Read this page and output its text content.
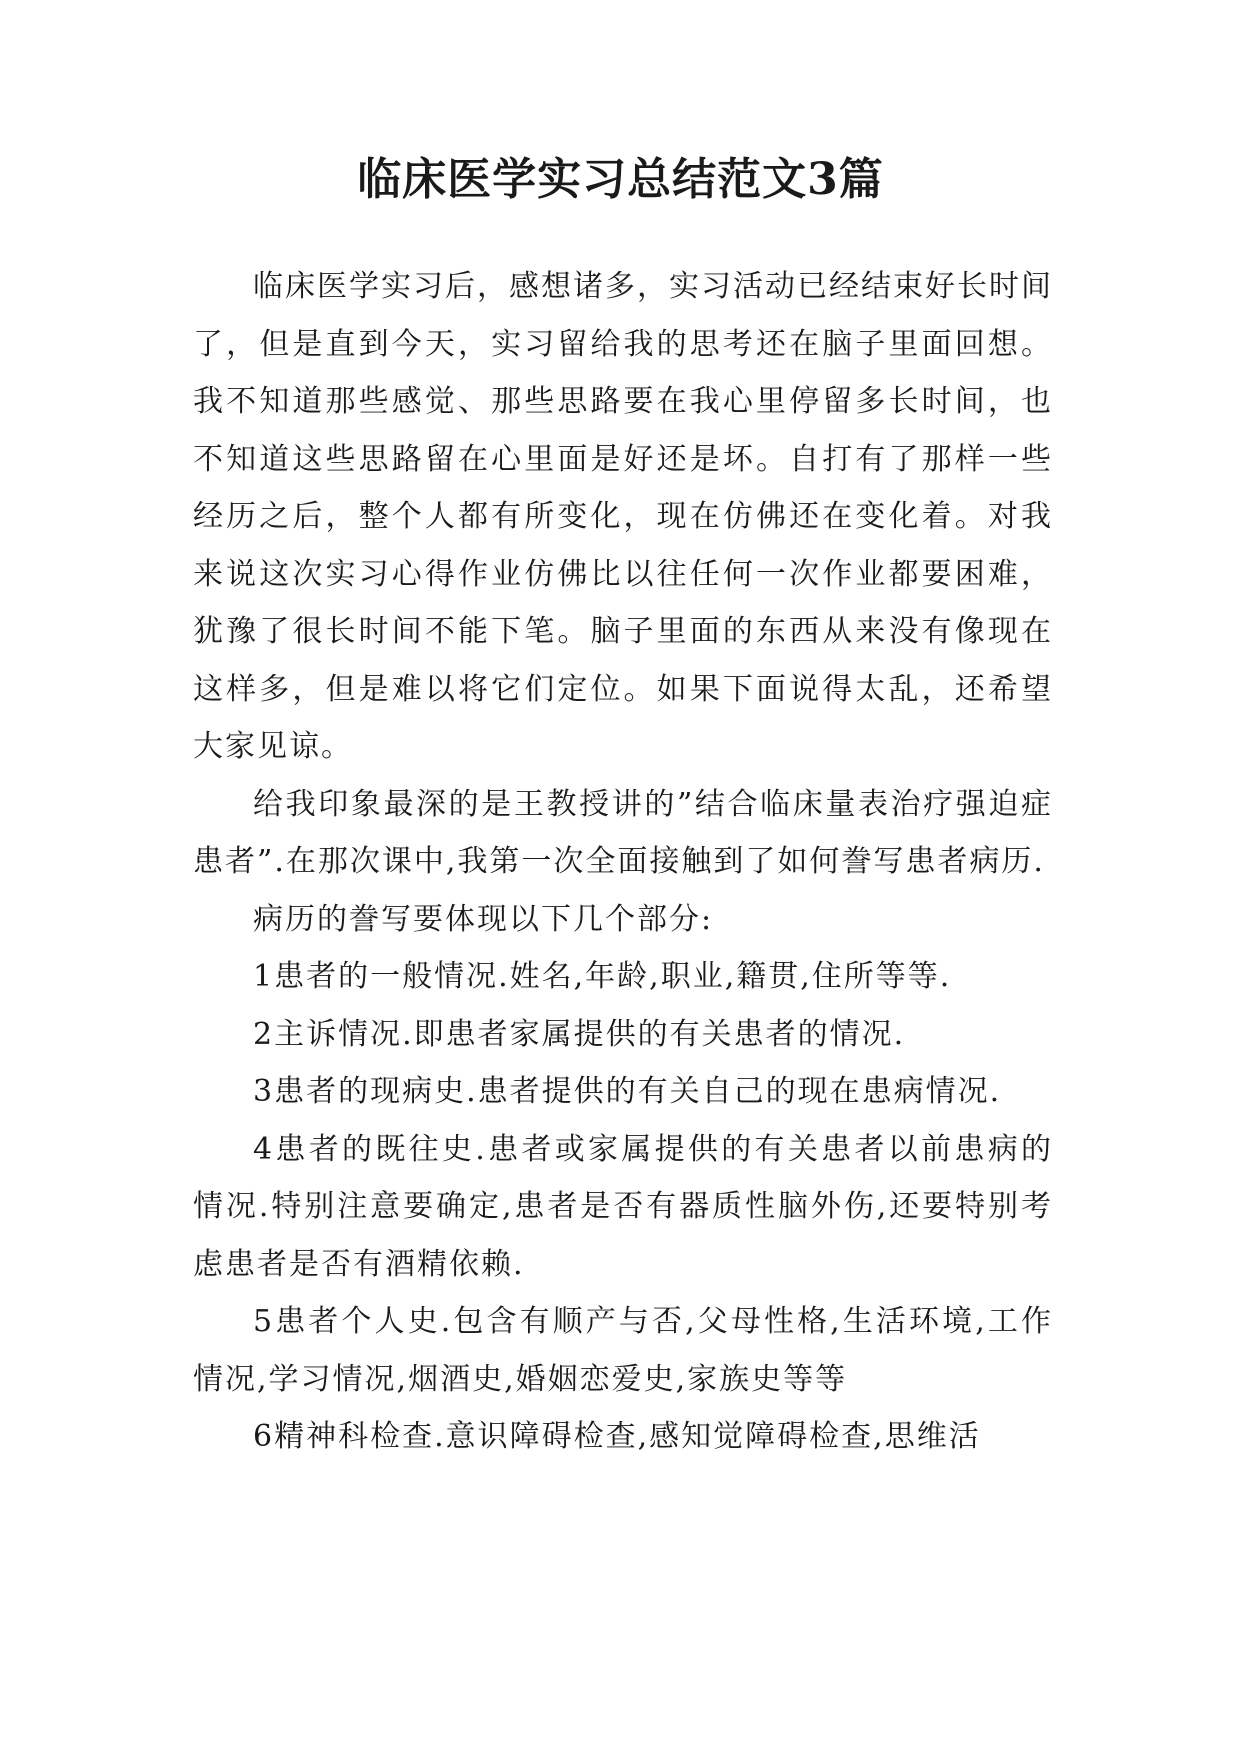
临床医学实习总结范文3篇

临床医学实习后，感想诸多，实习活动已经结束好长时间了，但是直到今天，实习留给我的思考还在脑子里面回想。我不知道那些感觉、那些思路要在我心里停留多长时间，也不知道这些思路留在心里面是好还是坏。自打有了那样一些经历之后，整个人都有所变化，现在仿佛还在变化着。对我来说这次实习心得作业仿佛比以往任何一次作业都要困难，犹豫了很长时间不能下笔。脑子里面的东西从来没有像现在这样多，但是难以将它们定位。如果下面说得太乱，还希望大家见谅。

给我印象最深的是王教授讲的”结合临床量表治疗强迫症患者”.在那次课中,我第一次全面接触到了如何誊写患者病历.

病历的誊写要体现以下几个部分:

1患者的一般情况.姓名,年龄,职业,籍贯,住所等等.

2主诉情况.即患者家属提供的有关患者的情况.

3患者的现病史.患者提供的有关自己的现在患病情况.

4患者的既往史.患者或家属提供的有关患者以前患病的情况.特别注意要确定,患者是否有器质性脑外伤,还要特别考虑患者是否有酒精依赖.

5患者个人史.包含有顺产与否,父母性格,生活环境,工作情况,学习情况,烟酒史,婚姻恋爱史,家族史等等

6精神科检查.意识障碍检查,感知觉障碍检查,思维活
